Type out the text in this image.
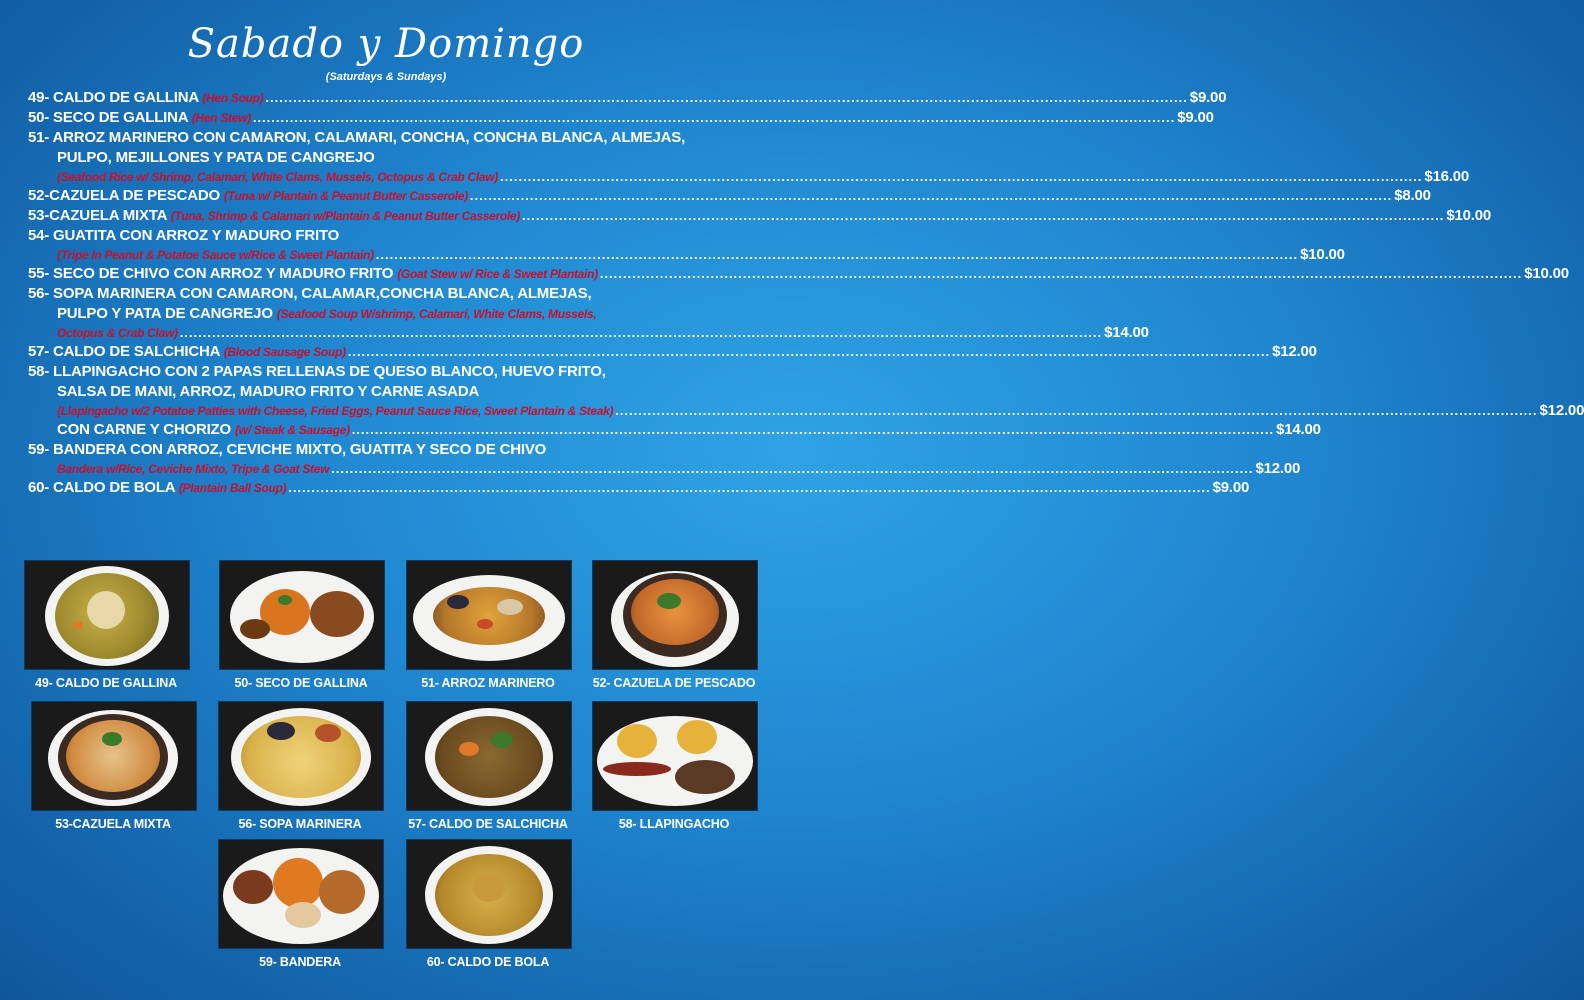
Sabado y Domingo
(Saturdays & Sundays)
49- CALDO DE GALLINA (Hen Soup) .....	$9.00
50- SECO DE GALLINA (Hen Stew) .....	$9.00
51- ARROZ MARINERO CON CAMARON, CALAMARI, CONCHA, CONCHA BLANCA, ALMEJAS,
PULPO, MEJILLONES Y PATA DE CANGREJO
(Seafood Rice w/ Shrimp, Calamari, White Clams, Mussels, Octopus & Crab Claw) .....	$16.00
52-CAZUELA DE PESCADO (Tuna w/ Plantain & Peanut Butter Casserole) .....	$8.00
53-CAZUELA MIXTA (Tuna, Shrimp & Calamari w/Plantain & Peanut Butter Casserole) .....	$10.00
54- GUATITA CON ARROZ Y MADURO FRITO
(Tripe In Peanut & Potatoe Sauce w/Rice & Sweet Plantain) .....	$10.00
55- SECO DE CHIVO CON ARROZ Y MADURO FRITO (Goat Stew w/ Rice & Sweet Plantain) .....	$10.00
56- SOPA MARINERA CON CAMARON, CALAMAR,CONCHA BLANCA, ALMEJAS,
PULPO Y PATA DE CANGREJO (Seafood Soup W/shrimp, Calamari, White Clams, Mussels,
Octopus & Crab Claw) .....	$14.00
57- CALDO DE SALCHICHA (Blood Sausage Soup) .....	$12.00
58- LLAPINGACHO CON 2 PAPAS RELLENAS DE QUESO BLANCO, HUEVO FRITO,
SALSA DE MANI, ARROZ, MADURO FRITO Y CARNE ASADA
(Llapingacho w/2 Potatoe Patties with Cheese, Fried Eggs, Peanut Sauce Rice, Sweet Plantain & Steak) .....	$12.00
CON CARNE Y CHORIZO (w/ Steak & Sausage) .....	$14.00
59- BANDERA CON ARROZ, CEVICHE MIXTO, GUATITA Y SECO DE CHIVO
Bandera w/Rice, Ceviche Mixto, Tripe & Goat Stew .....	$12.00
60- CALDO DE BOLA (Plantain Ball Soup) .....	$9.00
49- CALDO DE GALLINA	50- SECO DE GALLINA	51- ARROZ MARINERO	52- CAZUELA DE PESCADO
53-CAZUELA MIXTA	56- SOPA MARINERA	57- CALDO DE SALCHICHA	58- LLAPINGACHO
59- BANDERA	60- CALDO DE BOLA
